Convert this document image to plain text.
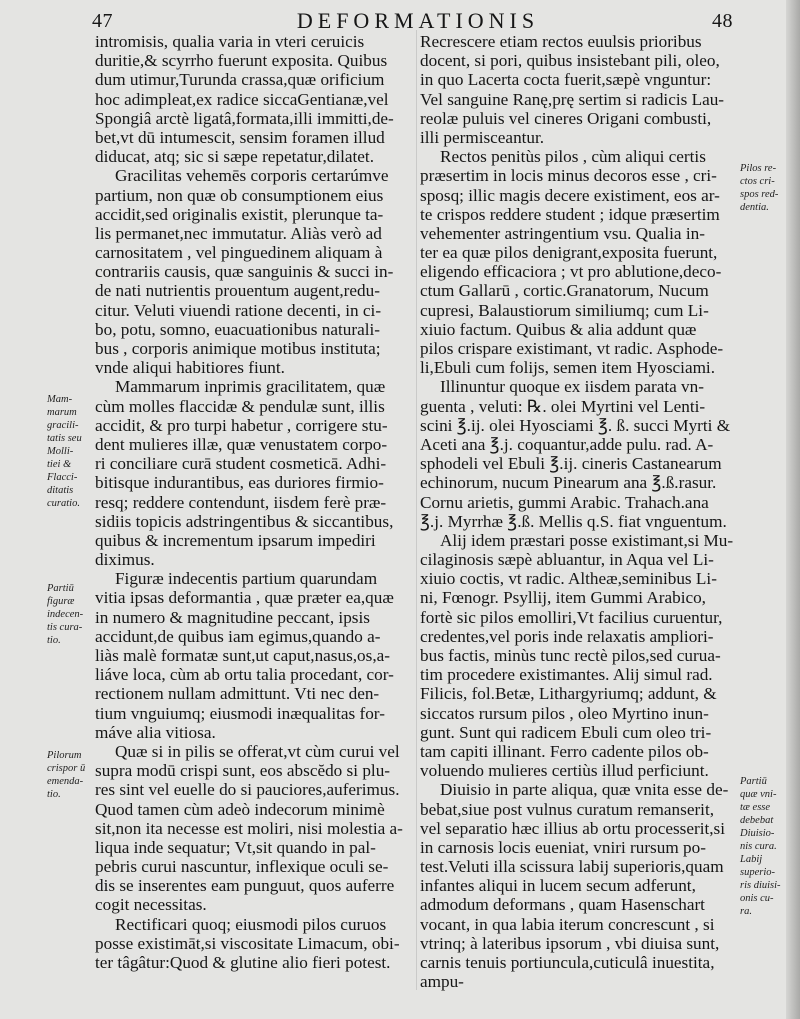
47	DEFORMATIONIS	48
intromisis, qualia varia in vteri ceruicis
duritie,& scyrrho fuerunt exposita. Quibus
dum utimur,Turunda crassa,quæ orificium
hoc adimpleat,ex radice siccaGentianæ,vel
Spongiâ arctè ligatâ,formata,illi immitti,de-
bet,vt dū intumescit, sensim foramen illud
diducat, atq; sic si sæpe repetatur,dilatet.
Gracilitas vehemēs corporis certarúmve
partium, non quæ ob consumptionem eius
accidit,sed originalis existit, plerunque ta-
lis permanet,nec immutatur. Aliàs verò ad
carnositatem , vel pinguedinem aliquam à
contrariis causis, quæ sanguinis & succi in-
de nati nutrientis prouentum augent,redu-
citur. Veluti viuendi ratione decenti, in ci-
bo, potu, somno, euacuationibus naturali-
bus , corporis animique motibus instituta;
vnde aliqui habitiores fiunt.
Mammarum inprimis gracilitatem, quæ
cùm molles flaccidæ & pendulæ sunt, illis
accidit, & pro turpi habetur , corrigere stu-
dent mulieres illæ, quæ venustatem corpo-
ri conciliare curā student cosmeticā. Adhi-
bitisque indurantibus, eas duriores firmio-
resq; reddere contendunt, iisdem ferè præ-
sidiis topicis adstringentibus & siccantibus,
quibus & incrementum ipsarum impediri
diximus.
Figuræ indecentis partium quarundam
vitia ipsas deformantia , quæ præter ea,quæ
in numero & magnitudine peccant, ipsis
accidunt,de quibus iam egimus,quando a-
liàs malè formatæ sunt,ut caput,nasus,os,a-
liáve loca, cùm ab ortu talia procedant, cor-
rectionem nullam admittunt. Vti nec den-
tium vnguiumq; eiusmodi inæqualitas for-
máve alia vitiosa.
Quæ si in pilis se offerat,vt cùm curui vel
supra modū crispi sunt, eos abscĕdo si plu-
res sint vel euelle do si pauciores,auferimus.
Quod tamen cùm adeò indecorum minimè
sit,non ita necesse est moliri, nisi molestia a-
liqua inde sequatur; Vt,sit quando in pal-
pebris curui nascuntur, inflexique oculi se-
dis se inserentes eam punguut, quos auferre
cogit necessitas.
Rectificari quoq; eiusmodi pilos curuos
posse existimāt,si viscositate Limacum, obi-
ter tâgâtur:Quod & glutine alio fieri potest.
Recrescere etiam rectos euulsis prioribus
docent, si pori, quibus insistebant pili, oleo,
in quo Lacerta cocta fuerit,sæpè vnguntur:
Vel sanguine Ranę,prę sertim si radicis Lau-
reolæ puluis vel cineres Origani combusti,
illi permisceantur.
Rectos penitùs pilos , cùm aliqui certis
præsertim in locis minus decoros esse , cri-
sposq; illic magis decere existiment, eos ar-
te crispos reddere student ; idque præsertim
vehementer astringentium vsu. Qualia in-
ter ea quæ pilos denigrant,exposita fuerunt,
eligendo efficaciora ; vt pro ablutione,deco-
ctum Gallarū , cortic.Granatorum, Nucum
cupresi, Balaustiorum similiumq; cum Li-
xiuio factum. Quibus & alia addunt quæ
pilos crispare existimant, vt radic. Asphode-
li,Ebuli cum folijs, semen item Hyosciami.
Illinuntur quoque ex iisdem parata vn-
guenta , veluti: ℞. olei Myrtini vel Lenti-
scini ℥.ij. olei Hyosciami ℥. ß. succi Myrti &
Aceti ana ℥.j. coquantur,adde pulu. rad. A-
sphodeli vel Ebuli ℥.ij. cineris Castanearum
echinorum, nucum Pinearum ana ℥.ß.rasur.
Cornu arietis, gummi Arabic. Trahach.ana
℥.j. Myrrhæ ℥.ß. Mellis q.S. fiat vnguentum.
Alij idem præstari posse existimant,si Mu-
cilaginosis sæpè abluantur, in Aqua vel Li-
xiuio coctis, vt radic. Altheæ,seminibus Li-
ni, Fœnogr. Psyllij, item Gummi Arabico,
fortè sic pilos emolliri,Vt facilius curuentur,
credentes,vel poris inde relaxatis ampliori-
bus factis, minùs tunc rectè pilos,sed curua-
tim procedere existimantes. Alij simul rad.
Filicis, fol.Betæ, Lithargyriumq; addunt, &
siccatos rursum pilos , oleo Myrtino inun-
gunt. Sunt qui radicem Ebuli cum oleo tri-
tam capiti illinant. Ferro cadente pilos ob-
voluendo mulieres certiùs illud perficiunt.
Diuisio in parte aliqua, quæ vnita esse de-
bebat,siue post vulnus curatum remanserit,
vel separatio hæc illius ab ortu processerit,si
in carnosis locis eueniat, vniri rursum po-
test.Veluti illa scissura labij superioris,quam
infantes aliqui in lucem secum adferunt,
admodum deformans , quam Hasenschart
vocant, in qua labia iterum concrescunt , si
vtrinq; à lateribus ipsorum , vbi diuisa sunt,
carnis tenuis portiuncula,cuticulâ inuestita,
ampu-
Mam-
marum
gracili-
tatis seu
Molli-
tiei &
Flacci-
ditatis
curatio.
Partiū
figuræ
indecen-
tis cura-
tio.
Pilorum
crispor ū
emenda-
tio.
Pilos re-
ctos cri-
spos red-
dentia.
Partiū
quæ vni-
tæ esse
debebat
Diuisio-
nis cura.
Labij
superio-
ris diuisi-
onis cu-
ra.
